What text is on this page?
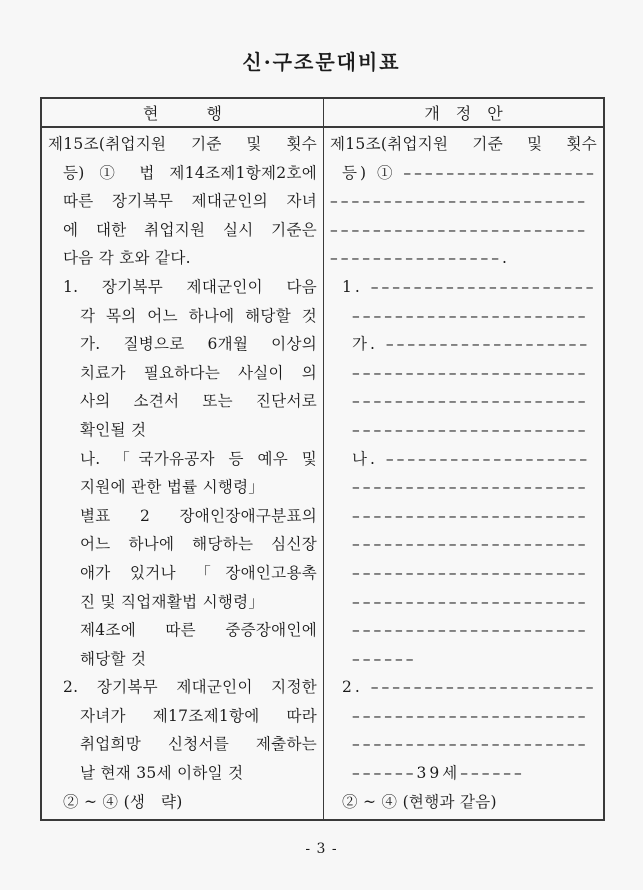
신·구조문대비표
현   행	개 정 안
제15조(취업지원 기준 및 횟수
등) ① 법 제14조제1항제2호에
따른 장기복무 제대군인의 자녀
에 대한 취업지원 실시 기준은
다음 각 호와 같다.
1. 장기복무 제대군인이 다음
각 목의 어느 하나에 해당할 것
가. 질병으로 6개월 이상의
치료가 필요하다는 사실이 의
사의 소견서 또는 진단서로
확인될 것
나. 「국가유공자 등 예우 및
지원에 관한 법률 시행령」
별표 2 장애인장애구분표의
어느 하나에 해당하는 심신장
애가 있거나 「장애인고용촉
진 및 직업재활법 시행령」
제4조에 따른 중증장애인에
해당할 것
2. 장기복무 제대군인이 지정한
자녀가 제17조제1항에 따라
취업희망 신청서를 제출하는
날 현재 35세 이하일 것
② ~ ④ (생 략)
제15조(취업지원 기준 및 횟수
등) ① ––––––––––––––––––
––––––––––––––––––––––––
––––––––––––––––––––––––
––––––––––––––––.
1. –––––––––––––––––––––
––––––––––––––––––––––
가. –––––––––––––––––––
––––––––––––––––––––––
––––––––––––––––––––––
––––––––––––––––––––––
나. –––––––––––––––––––
––––––––––––––––––––––
––––––––––––––––––––––
––––––––––––––––––––––
––––––––––––––––––––––
––––––––––––––––––––––
––––––––––––––––––––––
––––––
2. –––––––––––––––––––––
––––––––––––––––––––––
––––––––––––––––––––––
––––––39세––––––
② ~ ④ (현행과 같음)
- 3 -
